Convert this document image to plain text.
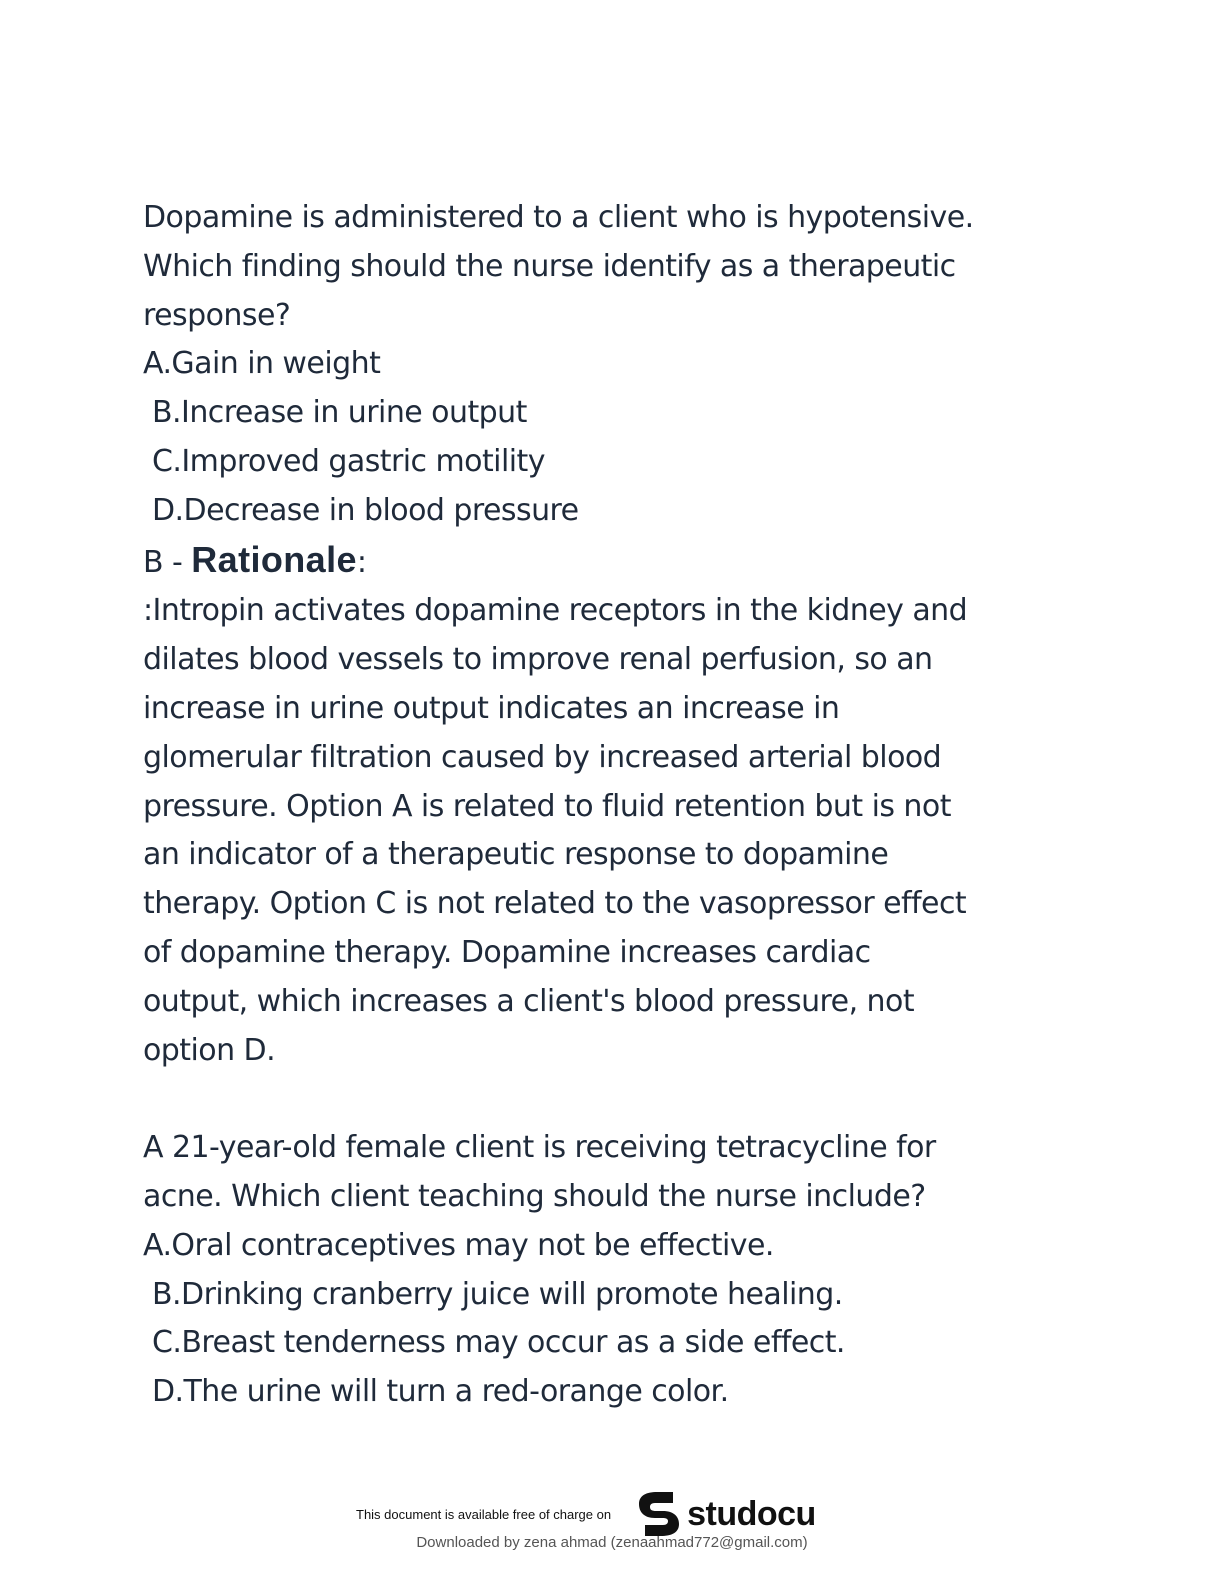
Dopamine is administered to a client who is hypotensive.
Which finding should the nurse identify as a therapeutic
response?
A.Gain in weight
B.Increase in urine output
C.Improved gastric motility
D.Decrease in blood pressure
B - Rationale:
:Intropin activates dopamine receptors in the kidney and
dilates blood vessels to improve renal perfusion, so an
increase in urine output indicates an increase in
glomerular filtration caused by increased arterial blood
pressure. Option A is related to fluid retention but is not
an indicator of a therapeutic response to dopamine
therapy. Option C is not related to the vasopressor effect
of dopamine therapy. Dopamine increases cardiac
output, which increases a client's blood pressure, not
option D.
A 21-year-old female client is receiving tetracycline for
acne. Which client teaching should the nurse include?
A.Oral contraceptives may not be effective.
B.Drinking cranberry juice will promote healing.
C.Breast tenderness may occur as a side effect.
D.The urine will turn a red-orange color.
This document is available free of charge on studocu
Downloaded by zena ahmad (zenaahmad772@gmail.com)
